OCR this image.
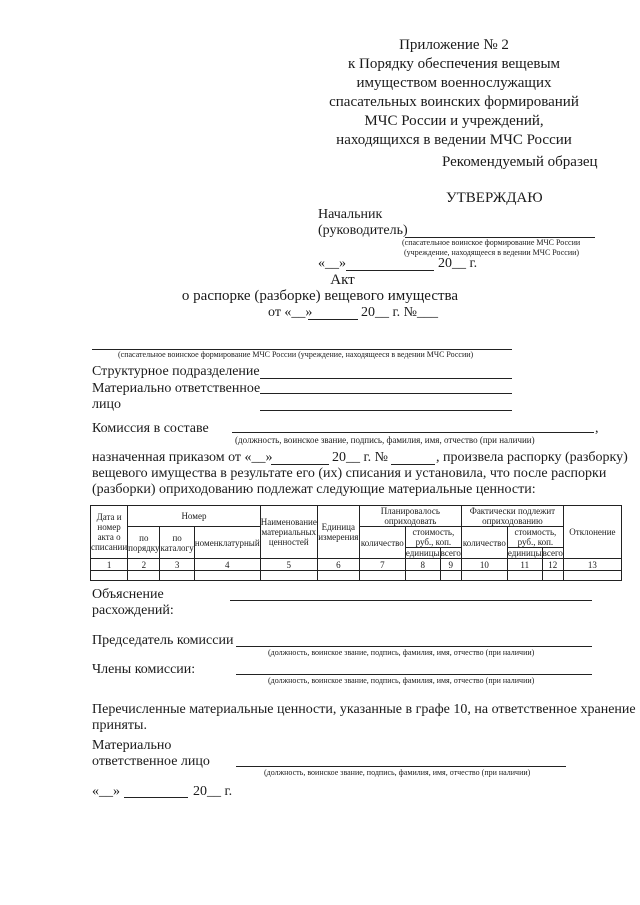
Приложение № 2
к Порядку обеспечения вещевым
имуществом военнослужащих
спасательных воинских формирований
МЧС России и учреждений,
находящихся в ведении МЧС России
Рекомендуемый образец
УТВЕРЖДАЮ
Начальник
(руководитель)
(спасательное воинское формирование МЧС России
(учреждение, находящееся в ведении МЧС России)
«__»	20__ г.
Акт
о распорке (разборке) вещевого имущества
от «__»	20__ г. №___
(спасательное воинское формирование МЧС России (учреждение, находящееся в ведении МЧС России)
Структурное подразделение
Материально ответственное
лицо
Комиссия в составе	,
(должность, воинское звание, подпись, фамилия, имя, отчество (при наличии)
назначенная приказом от «__»	20__ г. №	, произвела распорку (разборку)
вещевого имущества в результате его (их) списания и установила, что после распорки
(разборки) оприходованию подлежат следующие материальные ценности:
Дата и номер акта о списании	Номер			Наименование материальных ценностей	Единица измерения	Планировалось оприходовать			Фактически подлежит оприходованию			Отклонение
	по порядку	по каталогу	номенклатурный			количество	стоимость, руб., коп.		количество	стоимость, руб., коп.		
							единицы	всего		единицы	всего	
1	2	3	4	5	6	7	8	9	10	11	12	13

Объяснение
расхождений:
Председатель комиссии
(должность, воинское звание, подпись, фамилия, имя, отчество (при наличии)
Члены комиссии:
(должность, воинское звание, подпись, фамилия, имя, отчество (при наличии)
Перечисленные материальные ценности, указанные в графе 10, на ответственное хранение
приняты.
Материально
ответственное лицо
(должность, воинское звание, подпись, фамилия, имя, отчество (при наличии)
«__»	20__ г.
